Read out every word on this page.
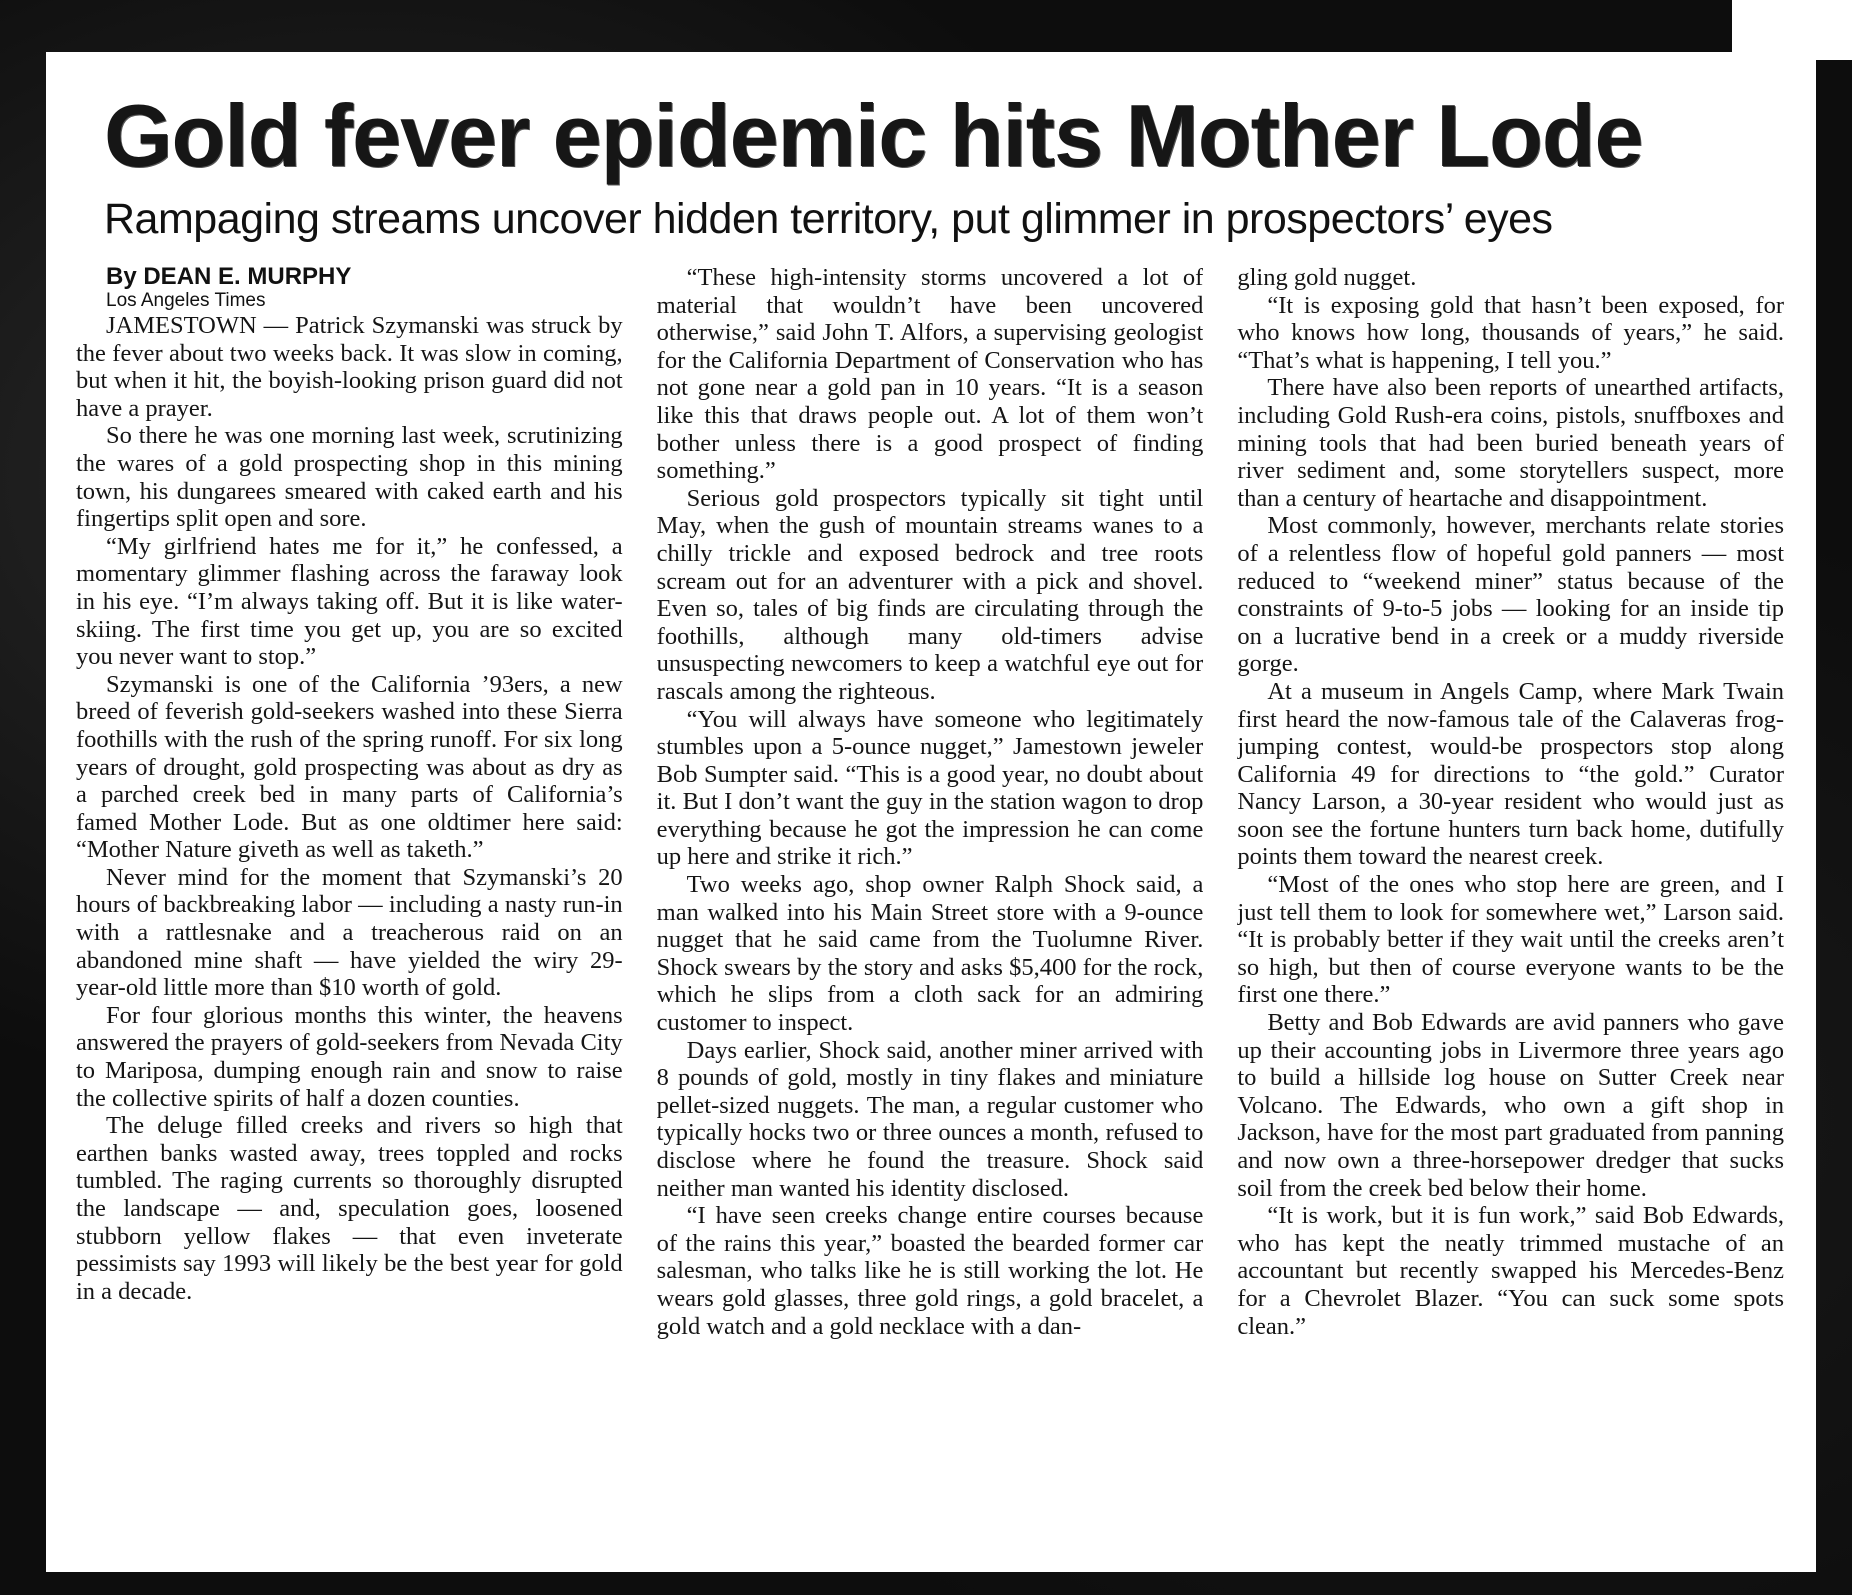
Gold fever epidemic hits Mother Lode
Rampaging streams uncover hidden territory, put glimmer in prospectors’ eyes

By DEAN E. MURPHY

Los Angeles Times

JAMESTOWN — Patrick Szymanski was struck by the fever about two weeks back. It was slow in coming, but when it hit, the boyish-looking prison guard did not have a prayer.

So there he was one morning last week, scrutinizing the wares of a gold prospecting shop in this mining town, his dungarees smeared with caked earth and his fingertips split open and sore.

“My girlfriend hates me for it,” he confessed, a momentary glimmer flashing across the faraway look in his eye. “I’m always taking off. But it is like water-skiing. The first time you get up, you are so excited you never want to stop.”

Szymanski is one of the California ’93ers, a new breed of feverish gold-seekers washed into these Sierra foothills with the rush of the spring runoff. For six long years of drought, gold prospecting was about as dry as a parched creek bed in many parts of California’s famed Mother Lode. But as one oldtimer here said: “Mother Nature giveth as well as taketh.”

Never mind for the moment that Szymanski’s 20 hours of backbreaking labor — including a nasty run-in with a rattlesnake and a treacherous raid on an abandoned mine shaft — have yielded the wiry 29-year-old little more than $10 worth of gold.

For four glorious months this winter, the heavens answered the prayers of gold-seekers from Nevada City to Mariposa, dumping enough rain and snow to raise the collective spirits of half a dozen counties.

The deluge filled creeks and rivers so high that earthen banks wasted away, trees toppled and rocks tumbled. The raging currents so thoroughly disrupted the landscape — and, speculation goes, loosened stubborn yellow flakes — that even inveterate pessimists say 1993 will likely be the best year for gold in a decade.

“These high-intensity storms uncovered a lot of material that wouldn’t have been uncovered otherwise,” said John T. Alfors, a supervising geologist for the California Department of Conservation who has not gone near a gold pan in 10 years. “It is a season like this that draws people out. A lot of them won’t bother unless there is a good prospect of finding something.”

Serious gold prospectors typically sit tight until May, when the gush of mountain streams wanes to a chilly trickle and exposed bedrock and tree roots scream out for an adventurer with a pick and shovel. Even so, tales of big finds are circulating through the foothills, although many old-timers advise unsuspecting newcomers to keep a watchful eye out for rascals among the righteous.

“You will always have someone who legitimately stumbles upon a 5-ounce nugget,” Jamestown jeweler Bob Sumpter said. “This is a good year, no doubt about it. But I don’t want the guy in the station wagon to drop everything because he got the impression he can come up here and strike it rich.”

Two weeks ago, shop owner Ralph Shock said, a man walked into his Main Street store with a 9-ounce nugget that he said came from the Tuolumne River. Shock swears by the story and asks $5,400 for the rock, which he slips from a cloth sack for an admiring customer to inspect.

Days earlier, Shock said, another miner arrived with 8 pounds of gold, mostly in tiny flakes and miniature pellet-sized nuggets. The man, a regular customer who typically hocks two or three ounces a month, refused to disclose where he found the treasure. Shock said neither man wanted his identity disclosed.

“I have seen creeks change entire courses because of the rains this year,” boasted the bearded former car salesman, who talks like he is still working the lot. He wears gold glasses, three gold rings, a gold bracelet, a gold watch and a gold necklace with a dan-

gling gold nugget.

“It is exposing gold that hasn’t been exposed, for who knows how long, thousands of years,” he said. “That’s what is happening, I tell you.”

There have also been reports of unearthed artifacts, including Gold Rush-era coins, pistols, snuffboxes and mining tools that had been buried beneath years of river sediment and, some storytellers suspect, more than a century of heartache and disappointment.

Most commonly, however, merchants relate stories of a relentless flow of hopeful gold panners — most reduced to “weekend miner” status because of the constraints of 9-to-5 jobs — looking for an inside tip on a lucrative bend in a creek or a muddy riverside gorge.

At a museum in Angels Camp, where Mark Twain first heard the now-famous tale of the Calaveras frog-jumping contest, would-be prospectors stop along California 49 for directions to “the gold.” Curator Nancy Larson, a 30-year resident who would just as soon see the fortune hunters turn back home, dutifully points them toward the nearest creek.

“Most of the ones who stop here are green, and I just tell them to look for somewhere wet,” Larson said. “It is probably better if they wait until the creeks aren’t so high, but then of course everyone wants to be the first one there.”

Betty and Bob Edwards are avid panners who gave up their accounting jobs in Livermore three years ago to build a hillside log house on Sutter Creek near Volcano. The Edwards, who own a gift shop in Jackson, have for the most part graduated from panning and now own a three-horsepower dredger that sucks soil from the creek bed below their home.

“It is work, but it is fun work,” said Bob Edwards, who has kept the neatly trimmed mustache of an accountant but recently swapped his Mercedes-Benz for a Chevrolet Blazer. “You can suck some spots clean.”
